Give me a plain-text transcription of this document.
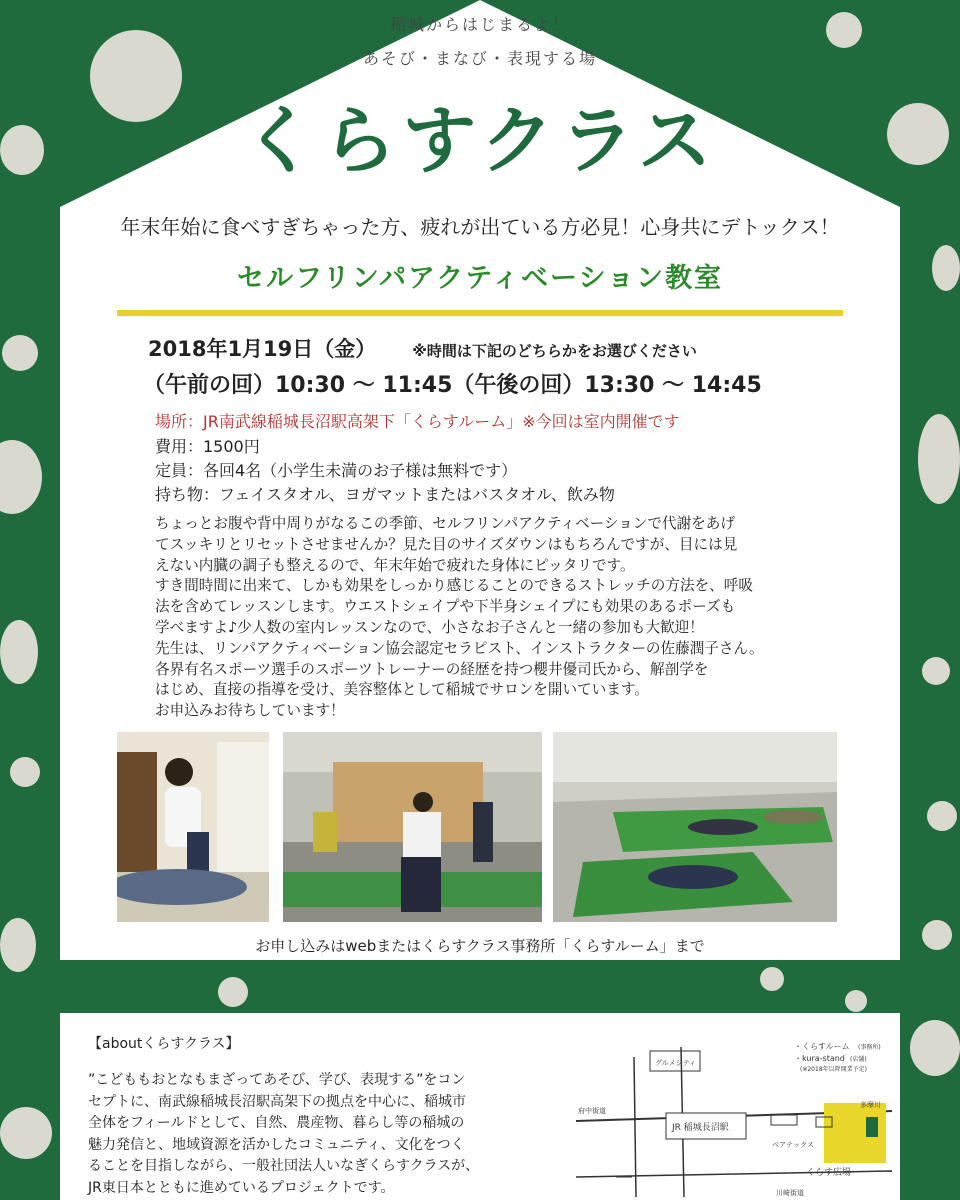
稲城からはじまるよ！
あそび・まなび・表現する場
くらすクラス
年末年始に食べすぎちゃった方、疲れが出ている方必見！心身共にデトックス！
セルフリンパアクティベーション教室
2018年1月19日（金） ※時間は下記のどちらかをお選びください
（午前の回）10:30 ～ 11:45（午後の回）13:30 ～ 14:45
場所：JR南武線稲城長沼駅高架下「くらすルーム」※今回は室内開催です
費用：1500円
定員：各回4名（小学生未満のお子様は無料です）
持ち物：フェイスタオル、ヨガマットまたはバスタオル、飲み物

ちょっとお腹や背中周りがなるこの季節、セルフリンパアクティベーションで代謝をあげ

てスッキリとリセットさせませんか？見た目のサイズダウンはもちろんですが、目には見

えない内臓の調子も整えるので、年末年始で疲れた身体にピッタリです。

すき間時間に出来て、しかも効果をしっかり感じることのできるストレッチの方法を、呼吸

法を含めてレッスンします。ウエストシェイプや下半身シェイプにも効果のあるポーズも

学べますよ♪少人数の室内レッスンなので、小さなお子さんと一緒の参加も大歓迎！

先生は、リンパアクティベーション協会認定セラピスト、インストラクターの佐藤潤子さん。

各界有名スポーツ選手のスポーツトレーナーの経歴を持つ櫻井優司氏から、解剖学を

はじめ、直接の指導を受け、美容整体として稲城でサロンを開いています。

お申込みお待ちしています！

お申し込みはwebまたはくらすクラス事務所「くらすルーム」まで
【aboutくらすクラス】

”こどももおとなもまざってあそび、学び、表現する”をコン

セプトに、南武線稲城長沼駅高架下の拠点を中心に、稲城市

全体をフィールドとして、自然、農産物、暮らし等の稲城の

魅力発信と、地域資源を活かしたコミュニティ、文化をつく

ることを目指しながら、一般社団法人いなぎくらすクラスが、

JR東日本とともに進めているプロジェクトです。

・くらすルーム (事務所)
・kura-stand (店舗)
(※2018年以降開業予定)
グルメシティ
JR 稲城長沼駅
府中街道
多摩川
ベアテックス
くらす広場
川崎街道
